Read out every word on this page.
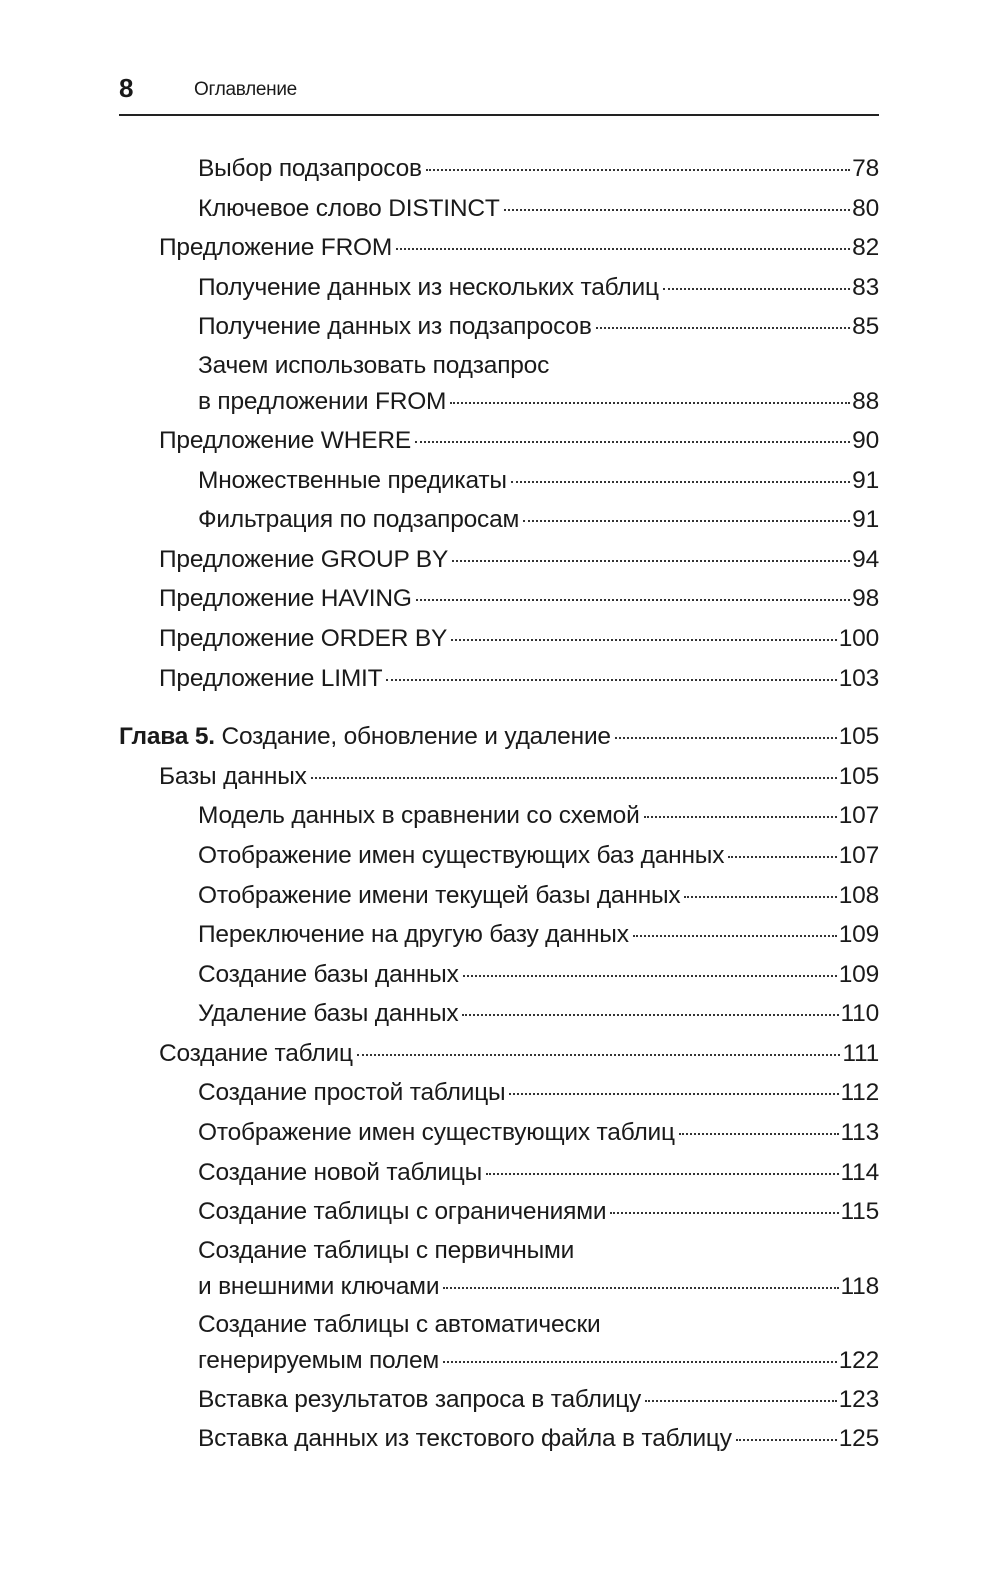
8	Оглавление
Выбор подзапросов	78
Ключевое слово DISTINCT	80
Предложение FROM	82
Получение данных из нескольких таблиц	83
Получение данных из подзапросов	85
Зачем использовать подзапрос
в предложении FROM	88
Предложение WHERE	90
Множественные предикаты	91
Фильтрация по подзапросам	91
Предложение GROUP BY	94
Предложение HAVING	98
Предложение ORDER BY	100
Предложение LIMIT	103
Глава 5. Создание, обновление и удаление	105
Базы данных	105
Модель данных в сравнении со схемой	107
Отображение имен существующих баз данных	107
Отображение имени текущей базы данных	108
Переключение на другую базу данных	109
Создание базы данных	109
Удаление базы данных	110
Создание таблиц	111
Создание простой таблицы	112
Отображение имен существующих таблиц	113
Создание новой таблицы	114
Создание таблицы с ограничениями	115
Создание таблицы с первичными
и внешними ключами	118
Создание таблицы с автоматически
генерируемым полем	122
Вставка результатов запроса в таблицу	123
Вставка данных из текстового файла в таблицу	125
